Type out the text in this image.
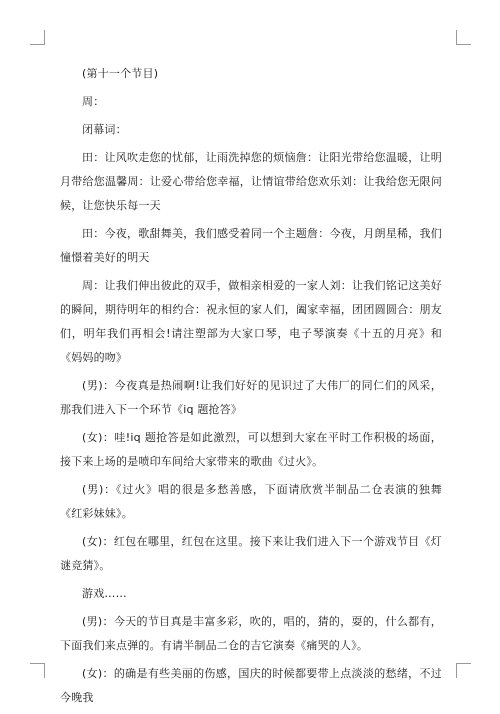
(第十一个节目)

周：

闭幕词：

田：让风吹走您的忧郁，让雨洗掉您的烦恼詹：让阳光带给您温暖，让明月带给您温馨周：让爱心带给您幸福，让情谊带给您欢乐刘：让我给您无限问候，让您快乐每一天

田：今夜，歌甜舞美，我们感受着同一个主题詹：今夜，月朗星稀，我们憧憬着美好的明天

周：让我们伸出彼此的双手，做相亲相爱的一家人刘：让我们铭记这美好的瞬间，期待明年的相约合：祝永恒的家人们，阖家幸福，团团圆圆合：朋友们，明年我们再相会!请注塑部为大家口琴，电子琴演奏《十五的月亮》和《妈妈的吻》

(男)：今夜真是热闹啊!让我们好好的见识过了大伟厂的同仁们的风采，那我们进入下一个环节《iq 题抢答》

(女)：哇!iq 题抢答是如此激烈，可以想到大家在平时工作积极的场面，接下来上场的是喷印车间给大家带来的歌曲《过火》。

(男)：《过火》唱的很是多愁善感，下面请欣赏半制品二仓表演的独舞《红彩妹妹》。

(女)：红包在哪里，红包在这里。接下来让我们进入下一个游戏节目《灯谜竞猜》。

游戏……

(男)：今天的节目真是丰富多彩，吹的，唱的，猜的，耍的，什么都有，下面我们来点弹的。有请半制品二仓的吉它演奏《痛哭的人》。

(女)：的确是有些美丽的伤感，国庆的时候都要带上点淡淡的愁绪，不过今晚我
